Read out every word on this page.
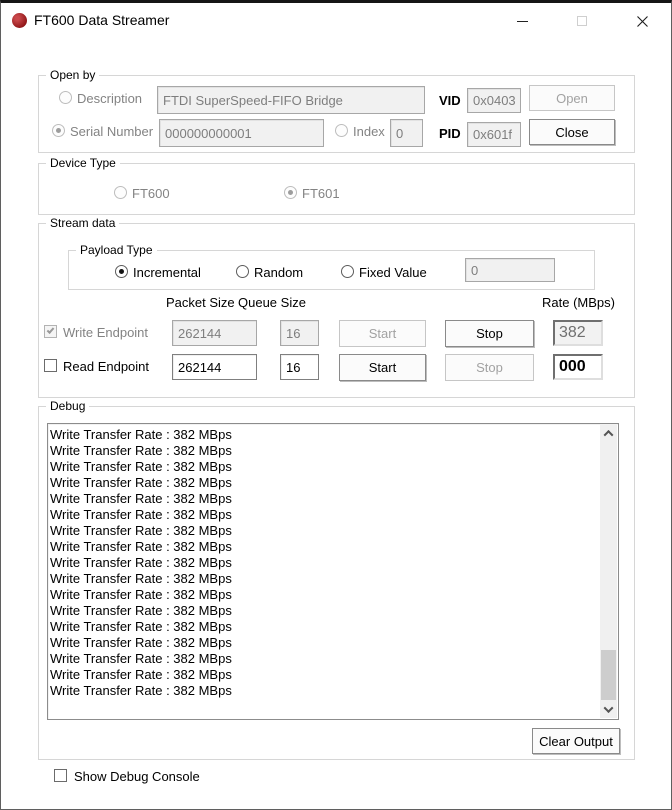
FT600 Data Streamer
Open by
Description	FTDI SuperSpeed-FIFO Bridge	VID 0x0403	Open
Serial Number 000000000001	Index 0	PID 0x601f	Close
Device Type
FT600	FT601
Stream data
Payload Type
Incremental	Random	Fixed Value	0
Packet Size Queue Size	Rate (MBps)
Write Endpoint	262144	16	Start	Stop	382
Read Endpoint	262144	16	Start	Stop	000
Debug
Write Transfer Rate : 382 MBps
Write Transfer Rate : 382 MBps
Write Transfer Rate : 382 MBps
Write Transfer Rate : 382 MBps
Write Transfer Rate : 382 MBps
Write Transfer Rate : 382 MBps
Write Transfer Rate : 382 MBps
Write Transfer Rate : 382 MBps
Write Transfer Rate : 382 MBps
Write Transfer Rate : 382 MBps
Write Transfer Rate : 382 MBps
Write Transfer Rate : 382 MBps
Write Transfer Rate : 382 MBps
Write Transfer Rate : 382 MBps
Write Transfer Rate : 382 MBps
Write Transfer Rate : 382 MBps
Write Transfer Rate : 382 MBps
Clear Output
Show Debug Console
